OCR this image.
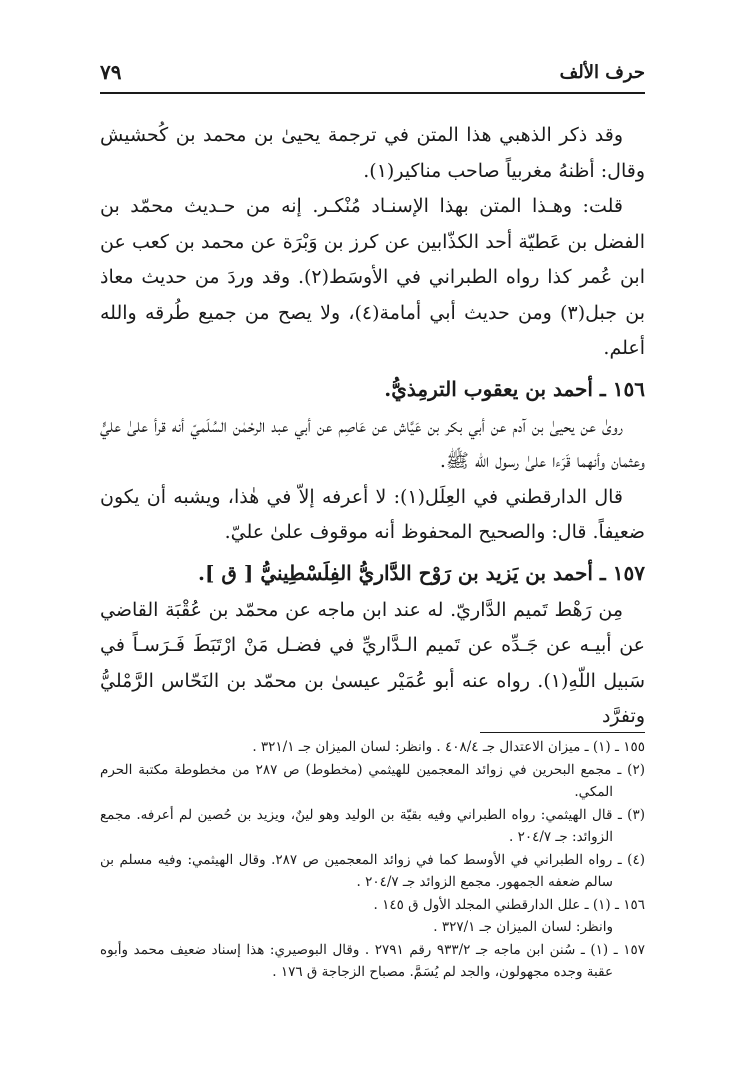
حرف الألف
٧٩

وقد ذكر الذهبي هذا المتن في ترجمة يحيىٰ بن محمد بن كُحشيش وقال: أظنهُ مغربياً صاحب مناكير(١).

قلت: وهـذا المتن بهذا الإسنـاد مُنْكـر. إنه من حـديث محمّد بن الفضل بن عَطيّة أحد الكذّابين عن كرز بن وَبْرَة عن محمد بن كعب عن ابن عُمر كذا رواه الطبراني في الأوسَط(٢). وقد وردَ من حديث معاذ بن جبل(٣) ومن حديث أبي أمامة(٤)، ولا يصح من جميع طُرقه والله أعلم.

١٥٦ ـ أحمد بن يعقوب الترمِذيُّ.

روىٰ عن يحيىٰ بن آدم عن أبي بكر بن عَيَّاش عن عَاصِم عن أبي عبد الرحْمٰن السُلَميّ أنه قرأ علىٰ عليٍّ وعثمان وأنهما قَرَءا علىٰ رسول الله ﷺ.

قال الدارقطني في العِلَل(١): لا أعرفه إلاّ في هٰذا، ويشبه أن يكون ضعيفاً. قال: والصحيح المحفوظ أنه موقوف علىٰ عليّ.

١٥٧ ـ أحمد بن يَزيد بن رَوْح الدَّاريُّ الفِلَسْطِينيُّ [ ق ].

مِن رَهْط تَميم الدَّاريّ. له عند ابن ماجه عن محمّد بن عُقْبَة القاضي عن أبيـه عن جَـدِّه عن تَميم الـدَّاريِّ في فضـل مَنْ ارْتَبَطَ فَـرَسـاً في سَبيل اللّهِ(١). رواه عنه أبو عُمَيْر عيسىٰ بن محمّد بن النَحّاس الرَّمْليُّ وتفرَّد

١٥٥ ـ (١) ـ ميزان الاعتدال جـ ٤٠٨/٤ . وانظر: لسان الميزان جـ ٣٢١/١ .

(٢) ـ مجمع البحرين في زوائد المعجمين للهيثمي (مخطوط) ص ٢٨٧ من مخطوطة مكتبة الحرم المكي.

(٣) ـ قال الهيثمي: رواه الطبراني وفيه بقيّة بن الوليد وهو لينٌ، ويزيد بن حُصين لم أعرفه. مجمع الزوائد: جـ ٢٠٤/٧ .

(٤) ـ رواه الطبراني في الأوسط كما في زوائد المعجمين ص ٢٨٧. وقال الهيثمي: وفيه مسلم بن سالم ضعفه الجمهور. مجمع الزوائد جـ ٢٠٤/٧ .

١٥٦ ـ (١) ـ علل الدارقطني المجلد الأول ق ١٤٥ .

وانظر: لسان الميزان جـ ٣٢٧/١ .

١٥٧ ـ (١) ـ سُنن ابن ماجه جـ ٩٣٣/٢ رقم ٢٧٩١ . وقال البوصيري: هذا إسناد ضعيف محمد وأبوه عقبة وجده مجهولون، والجد لم يُسَمَّ. مصباح الزجاجة ق ١٧٦ .
